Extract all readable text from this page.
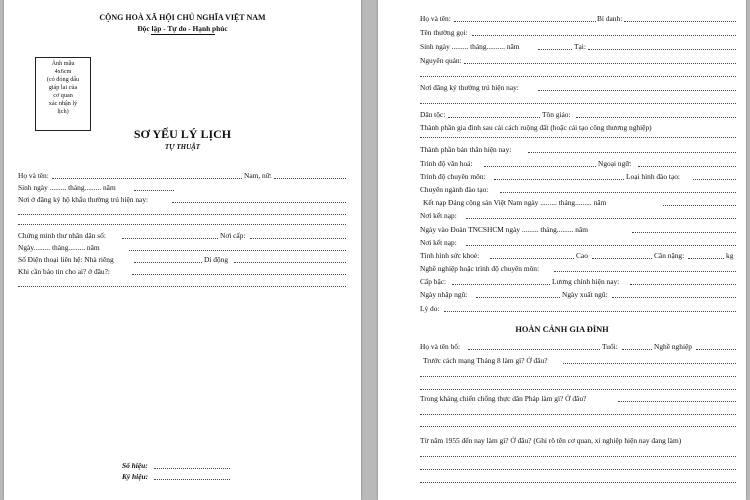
CỘNG HOÀ XÃ HỘI CHỦ NGHĨA VIỆT NAM
Độc lập - Tự do - Hạnh phúc
Ảnh mẫu
4x6cm
(có đóng dấu
giáp lai của
cơ quan
xác nhận lý
lịch)
SƠ YẾU LÝ LỊCH
TỰ THUẬT
Họ và tên:	Nam, nữ:
Sinh ngày ......... tháng......... năm
Nơi ở đăng ký hộ khẩu thường trú hiện nay:
Chứng minh thư nhân dân số:	Nơi cấp:
Ngày......... tháng......... năm
Số Điện thoại liên hệ: Nhà riêng	Di động
Khi cần báo tin cho ai? ở đâu?:
Số hiệu:
Ký hiệu:
Họ và tên:	Bí danh:
Tên thường gọi:
Sinh ngày ......... tháng.......... năm	Tại:
Nguyên quán:
Nơi đăng ký thường trú hiện nay:
Dân tộc:	Tôn giáo:
Thành phần gia đình sau cải cách ruộng đất (hoặc cải tạo công thương nghiệp)
Thành phần bản thân hiện nay:
Trình độ văn hoá:	Ngoại ngữ:
Trình độ chuyên môn:	Loại hình đào tạo:
Chuyên ngành đào tạo:
Kết nạp Đảng cộng sản Việt Nam ngày ......... tháng......... năm
Nơi kết nạp:
Ngày vào Đoàn TNCSHCM ngày ......... tháng......... năm
Nơi kết nạp:
Tình hình sức khoẻ:	Cao	Cân nặng:	kg
Nghề nghiệp hoặc trình độ chuyên môn:
Cấp bậc:	Lương chính hiện nay:
Ngày nhập ngũ:	Ngày xuất ngũ:
Lý do:
HOÀN CẢNH GIA ĐÌNH
Họ và tên bố:	Tuổi:	Nghề nghiệp
Trước cách mạng Tháng 8 làm gì? Ở đâu?
Trong kháng chiến chống thực dân Pháp làm gì? Ở đâu?
Từ năm 1955 đến nay làm gì? Ở đâu? (Ghi rõ tên cơ quan, xí nghiệp hiện nay đang làm)
